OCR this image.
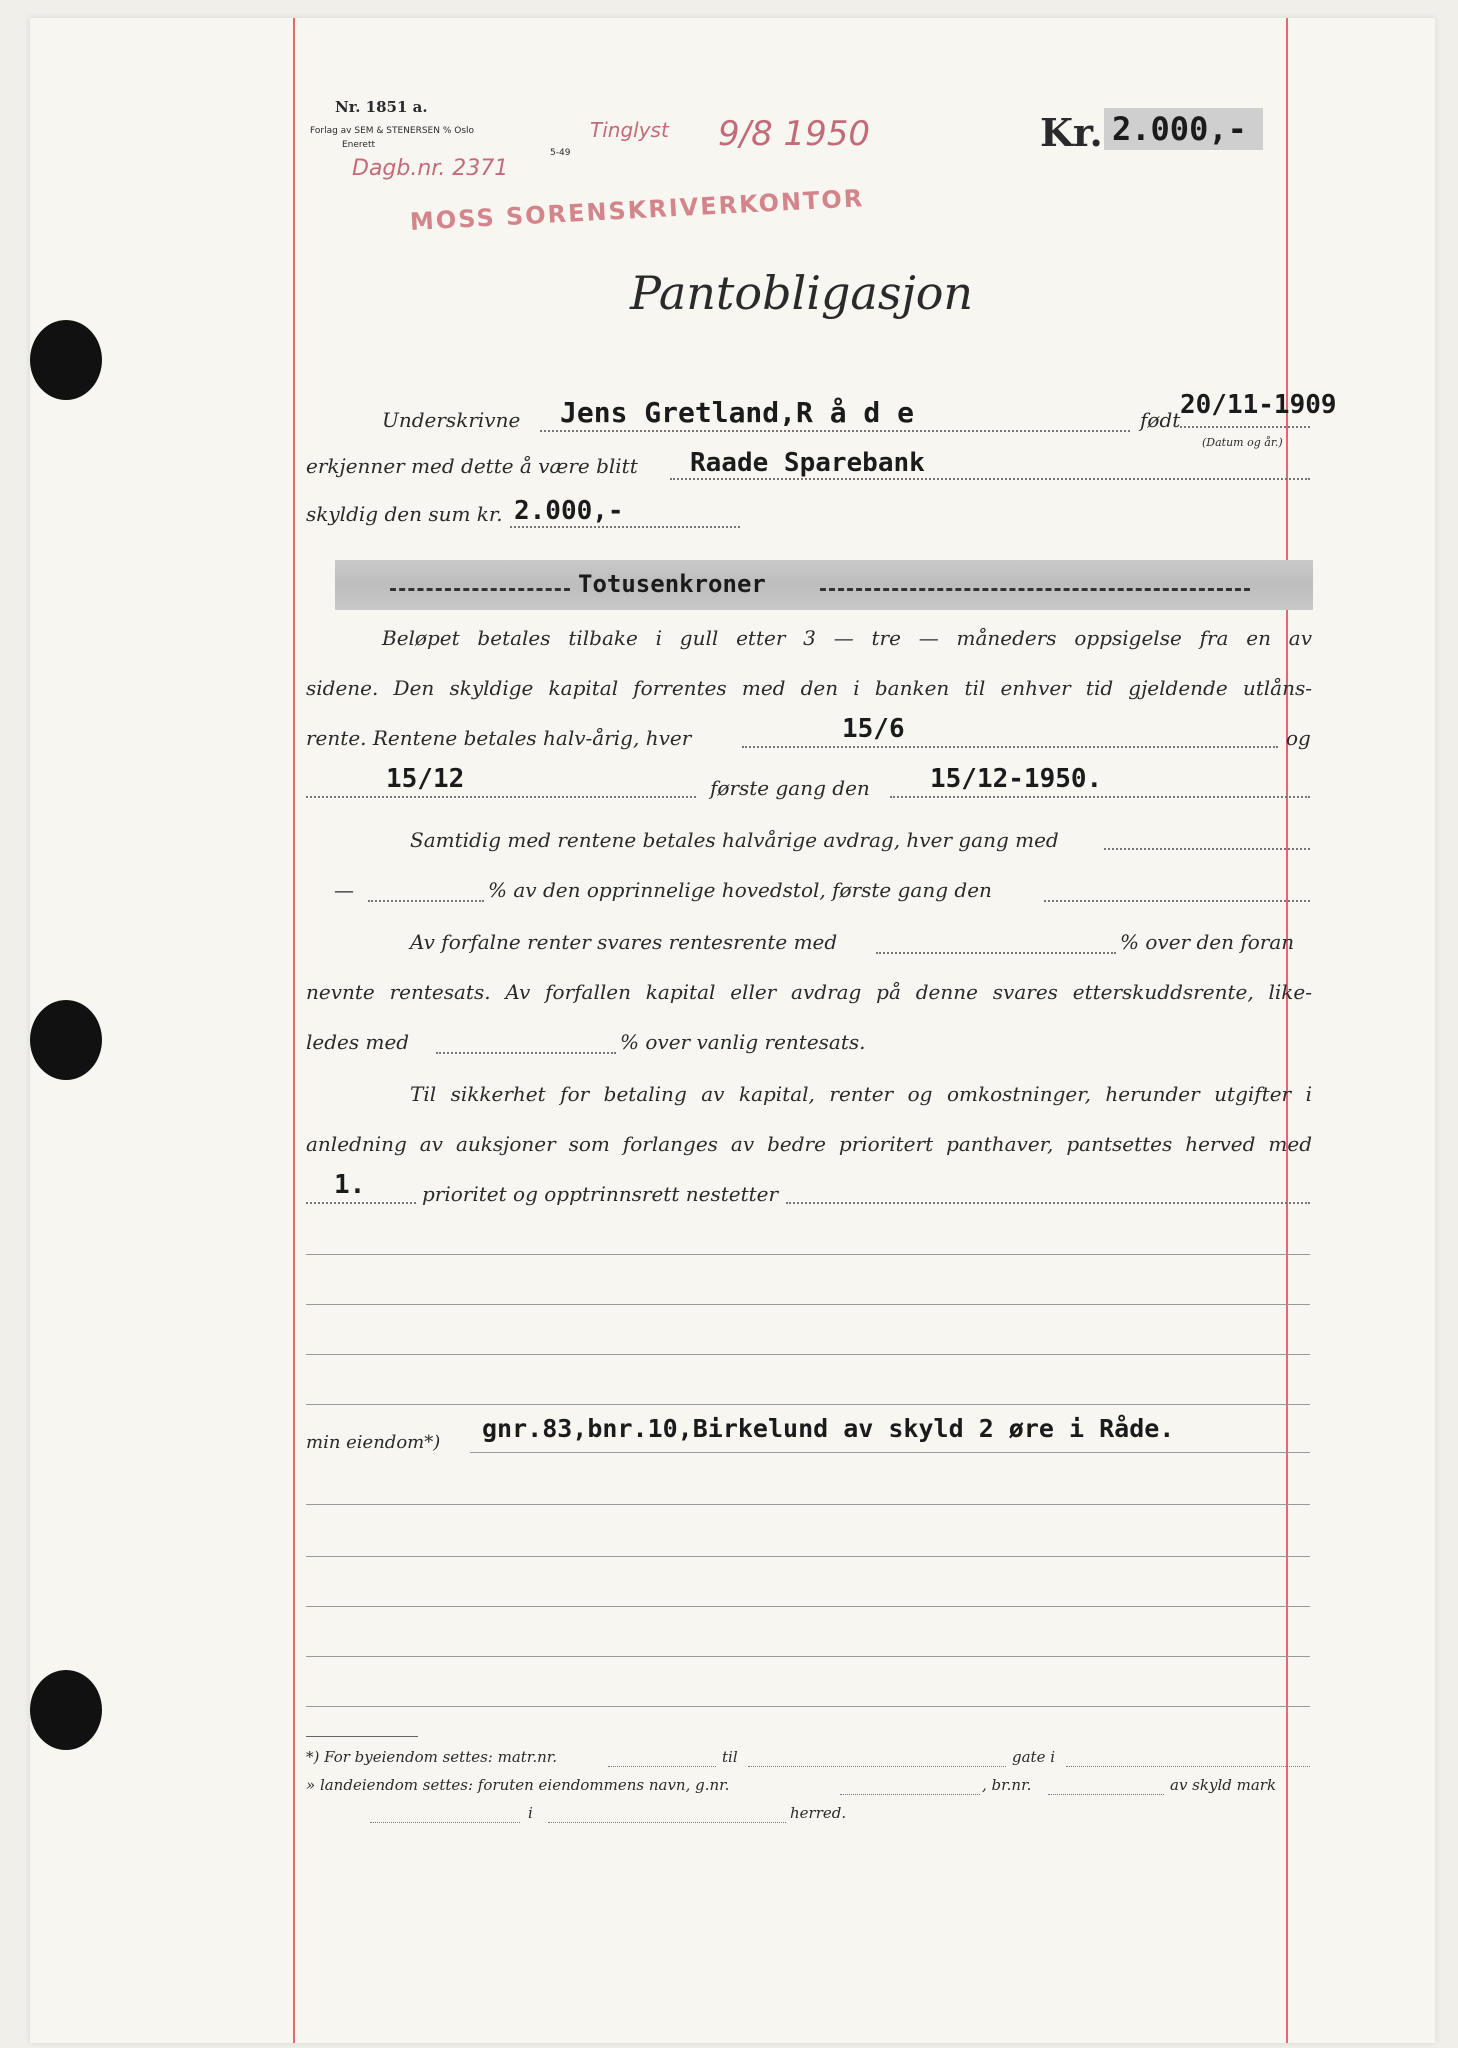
Nr. 1851 a.
Forlag av SEM & STENERSEN % Oslo
Enerett
5-49
Dagb.nr. 2371
Tinglyst 9/8 1950
MOSS SORENSKRIVERKONTOR
Kr. 2.000,-
Pantobligasjon
Underskrivne Jens Gretland,R å d e	født 20/11-1909
(Datum og år.)
erkjenner med dette å være blitt Raade Sparebank
skyldig den sum kr. 2.000,-
Totusenkroner
Beløpet betales tilbake i gull etter 3 — tre — måneders oppsigelse fra en av
sidene. Den skyldige kapital forrentes med den i banken til enhver tid gjeldende utlåns-
rente. Rentene betales halv-årig, hver	15/6	og
15/12	første gang den 15/12-1950.
Samtidig med rentene betales halvårige avdrag, hver gang med
—	% av den opprinnelige hovedstol, første gang den
Av forfalne renter svares rentesrente med	% over den foran
nevnte rentesats. Av forfallen kapital eller avdrag på denne svares etterskuddsrente, like-
ledes med	% over vanlig rentesats.
Til sikkerhet for betaling av kapital, renter og omkostninger, herunder utgifter i
anledning av auksjoner som forlanges av bedre prioritert panthaver, pantsettes herved med
1.	prioritet og opptrinnsrett nestetter
min eiendom*) gnr.83,bnr.10,Birkelund av skyld 2 øre i Råde.
*) For byeiendom settes: matr.nr.	til	gate i
» landeiendom settes: foruten eiendommens navn, g.nr.	, br.nr.	av skyld mark
i	herred.
